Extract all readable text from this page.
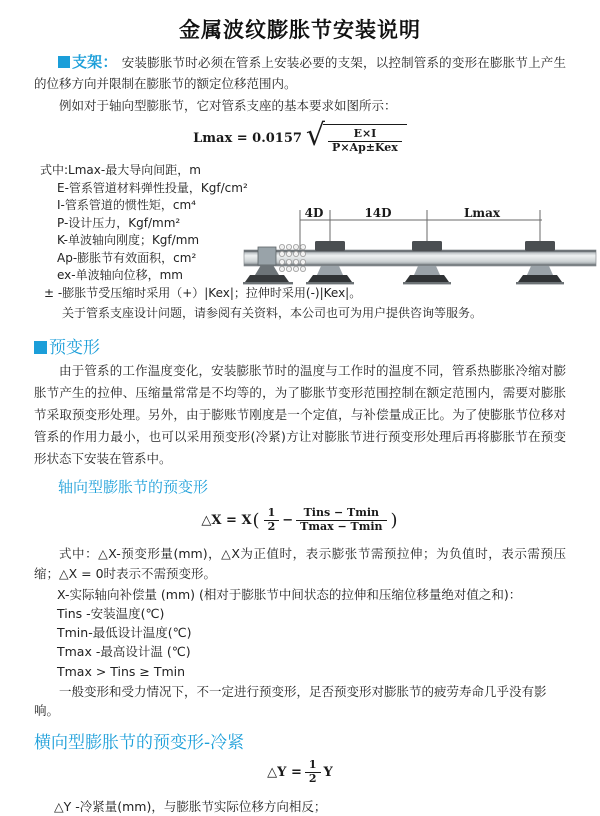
金属波纹膨胀节安装说明

支架： 安装膨胀节时必须在管系上安装必要的支架，以控制管系的变形在膨胀节上产生的位移方向并限制在膨胀节的额定位移范围内。

例如对于轴向型膨胀节，它对管系支座的基本要求如图所示：

Lmax = 0.0157 √ $\frac{E\times I}{\text{P×Ap±Kex}}$
式中:Lmax-最大导向间距，m
E-管系管道材料弹性投量，Kgf/cm²
I-管系管道的惯性矩，cm⁴
P-设计压力，Kgf/mm²
K-单波轴向刚度；Kgf/mm
Ap-膨胀节有效面积，cm²
ex-单波轴向位移，mm
± -膨胀节受压缩时采用（+）|Kex|；拉伸时采用(-)|Kex|。
关于管系支座设计问题，请参阅有关资料，本公司也可为用户提供咨询等服务。
预变形

由于管系的工作温度变化，安装膨胀节时的温度与工作时的温度不同，管系热膨胀冷缩对膨胀节产生的拉伸、压缩量常常是不均等的，为了膨胀节变形范围控制在额定范围内，需要对膨胀节采取预变形处理。另外，由于膨账节刚度是一个定值，与补偿量成正比。为了使膨胀节位移对管系的作用力最小，也可以采用预变形(冷紧)方让对膨胀节进行预变形处理后再将膨胀节在预变形状态下安装在管系中。

轴向型膨胀节的预变形
△X = X ( $\frac{1}{2} - \frac{\text{Tins − Tmin}}{Tmax - Tmin}$ )

式中：△X-预变形量(mm)，△X为正值时，表示膨张节需预拉伸；为负值时，表示需预压缩；△X = 0时表示不需预变形。

X-实际轴向补偿量 (mm) (相对于膨胀节中间状态的拉伸和压缩位移量绝对值之和)：
Tins -安装温度(℃)
Tmin-最低设计温度(℃)
Tmax -最高设计温 (℃)
Tmax > Tins ≥ Tmin
一般变形和受力情况下，不一定进行预变形，足否预变形对膨胀节的疲劳寿命几乎没有影响。
横向型膨胀节的预变形-冷紧
△Y = $\frac{1}{2}$ Y

△Y -冷紧量(mm)，与膨胀节实际位移方向相反；

4D	14D	Lmax
